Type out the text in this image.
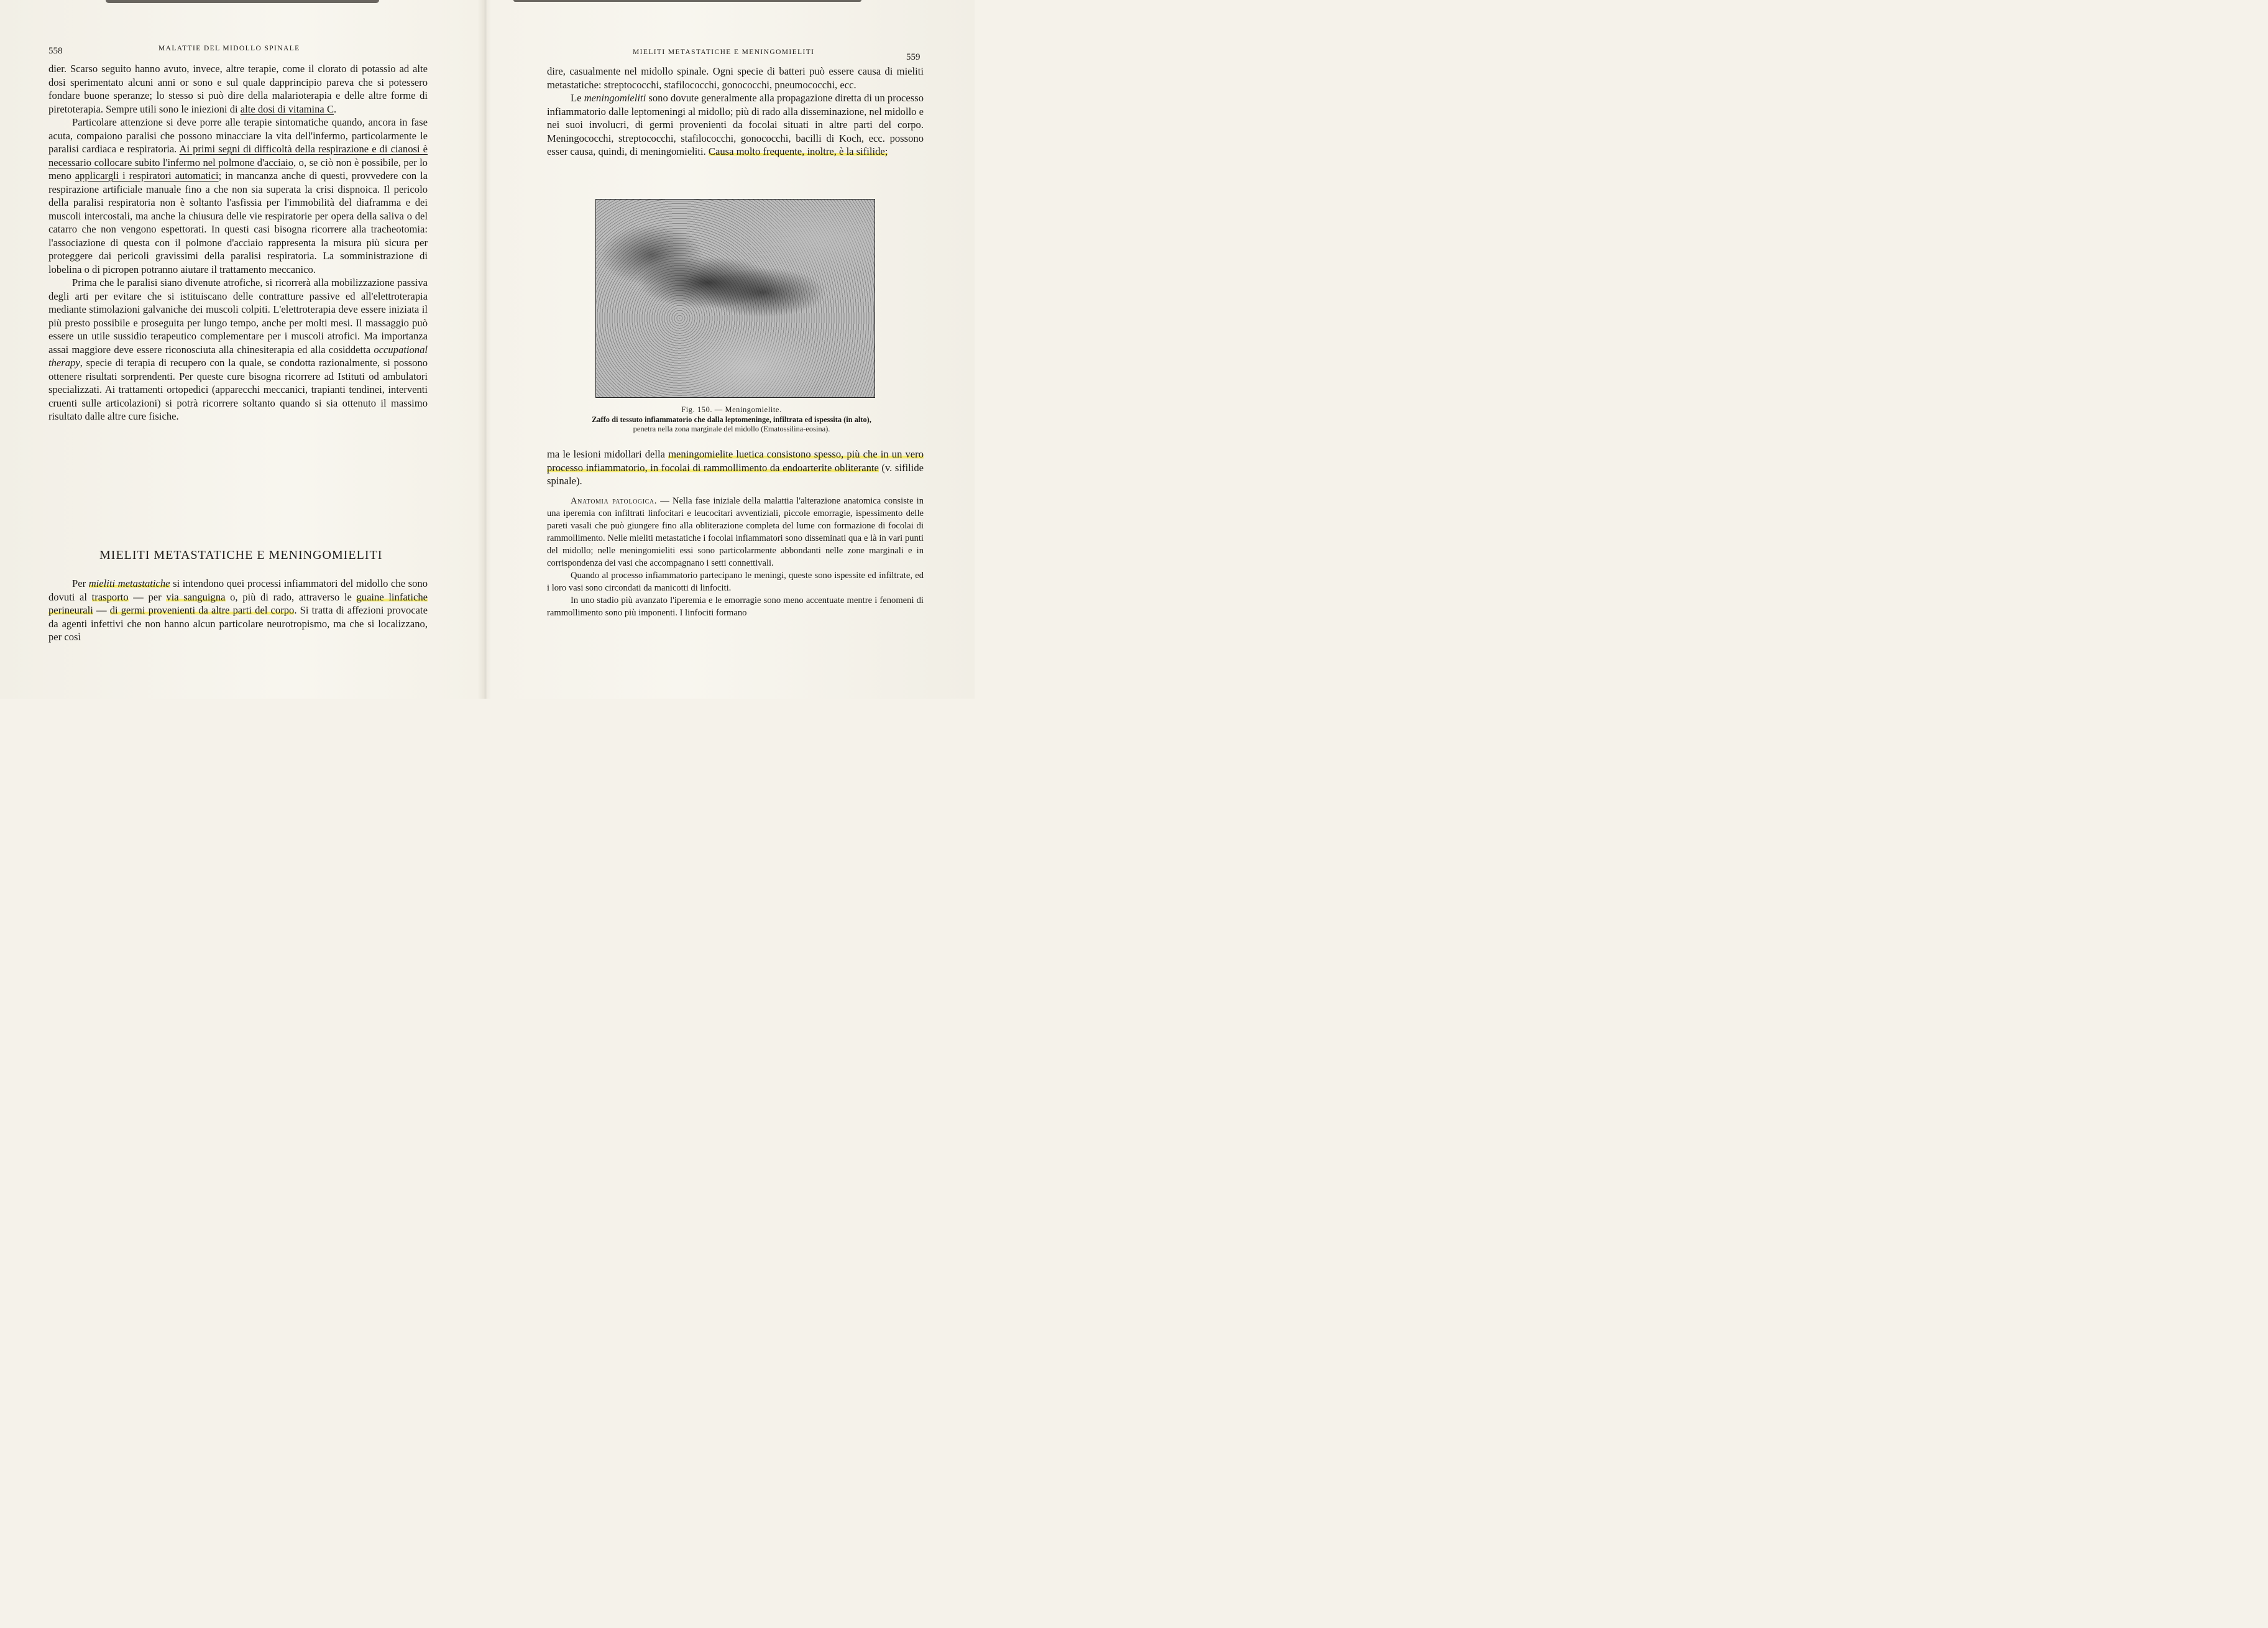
558	MALATTIE DEL MIDOLLO SPINALE

dier. Scarso seguito hanno avuto, invece, altre terapie, come il clorato di potassio ad alte dosi sperimentato alcuni anni or sono e sul quale dapprincipio pareva che si potessero fondare buone speranze; lo stesso si può dire della malarioterapia e delle altre forme di piretoterapia. Sempre utili sono le iniezioni di alte dosi di vitamina C.

Particolare attenzione si deve porre alle terapie sintomatiche quando, ancora in fase acuta, compaiono paralisi che possono minacciare la vita dell'infermo, particolarmente le paralisi cardiaca e respiratoria. Ai primi segni di difficoltà della respirazione e di cianosi è necessario collocare subito l'infermo nel polmone d'acciaio, o, se ciò non è possibile, per lo meno applicargli i respiratori automatici; in mancanza anche di questi, provvedere con la respirazione artificiale manuale fino a che non sia superata la crisi dispnoica. Il pericolo della paralisi respiratoria non è soltanto l'asfissia per l'immobilità del diaframma e dei muscoli intercostali, ma anche la chiusura delle vie respiratorie per opera della saliva o del catarro che non vengono espettorati. In questi casi bisogna ricorrere alla tracheotomia: l'associazione di questa con il polmone d'acciaio rappresenta la misura più sicura per proteggere dai pericoli gravissimi della paralisi respiratoria. La somministrazione di lobelina o di picropen potranno aiutare il trattamento meccanico.

Prima che le paralisi siano divenute atrofiche, si ricorrerà alla mobilizzazione passiva degli arti per evitare che si istituiscano delle contratture passive ed all'elettroterapia mediante stimolazioni galvaniche dei muscoli colpiti. L'elettroterapia deve essere iniziata il più presto possibile e proseguita per lungo tempo, anche per molti mesi. Il massaggio può essere un utile sussidio terapeutico complementare per i muscoli atrofici. Ma importanza assai maggiore deve essere riconosciuta alla chinesiterapia ed alla cosiddetta occupational therapy, specie di terapia di recupero con la quale, se condotta razionalmente, si possono ottenere risultati sorprendenti. Per queste cure bisogna ricorrere ad Istituti od ambulatori specializzati. Ai trattamenti ortopedici (apparecchi meccanici, trapianti tendinei, interventi cruenti sulle articolazioni) si potrà ricorrere soltanto quando si sia ottenuto il massimo risultato dalle altre cure fisiche.

MIELITI METASTATICHE E MENINGOMIELITI

Per mieliti metastatiche si intendono quei processi infiammatori del midollo che sono dovuti al trasporto — per via sanguigna o, più di rado, attraverso le guaine linfatiche perineurali — di germi provenienti da altre parti del corpo. Si tratta di affezioni provocate da agenti infettivi che non hanno alcun particolare neurotropismo, ma che si localizzano, per così

MIELITI METASTATICHE E MENINGOMIELITI	559

dire, casualmente nel midollo spinale. Ogni specie di batteri può essere causa di mieliti metastatiche: streptococchi, stafilococchi, gonococchi, pneumococchi, ecc.

Le meningomieliti sono dovute generalmente alla propagazione diretta di un processo infiammatorio dalle leptomeningi al midollo; più di rado alla disseminazione, nel midollo e nei suoi involucri, di germi provenienti da focolai situati in altre parti del corpo. Meningococchi, streptococchi, stafilococchi, gonococchi, bacilli di Koch, ecc. possono esser causa, quindi, di meningomieliti. Causa molto frequente, inoltre, è la sifilide;

Fig. 150. — Meningomielite.
Zaffo di tessuto infiammatorio che dalla leptomeninge, infiltrata ed ispessita (in alto),
penetra nella zona marginale del midollo (Ematossilina-eosina).

ma le lesioni midollari della meningomielite luetica consistono spesso, più che in un vero processo infiammatorio, in focolai di rammollimento da endoarterite obliterante (v. sifilide spinale).

Anatomia patologica. — Nella fase iniziale della malattia l'alterazione anatomica consiste in una iperemia con infiltrati linfocitari e leucocitari avventiziali, piccole emorragie, ispessimento delle pareti vasali che può giungere fino alla obliterazione completa del lume con formazione di focolai di rammollimento. Nelle mieliti metastatiche i focolai infiammatori sono disseminati qua e là in vari punti del midollo; nelle meningomieliti essi sono particolarmente abbondanti nelle zone marginali e in corrispondenza dei vasi che accompagnano i setti connettivali.

Quando al processo infiammatorio partecipano le meningi, queste sono ispessite ed infiltrate, ed i loro vasi sono circondati da manicotti di linfociti.

In uno stadio più avanzato l'iperemia e le emorragie sono meno accentuate mentre i fenomeni di rammollimento sono più imponenti. I linfociti formano
